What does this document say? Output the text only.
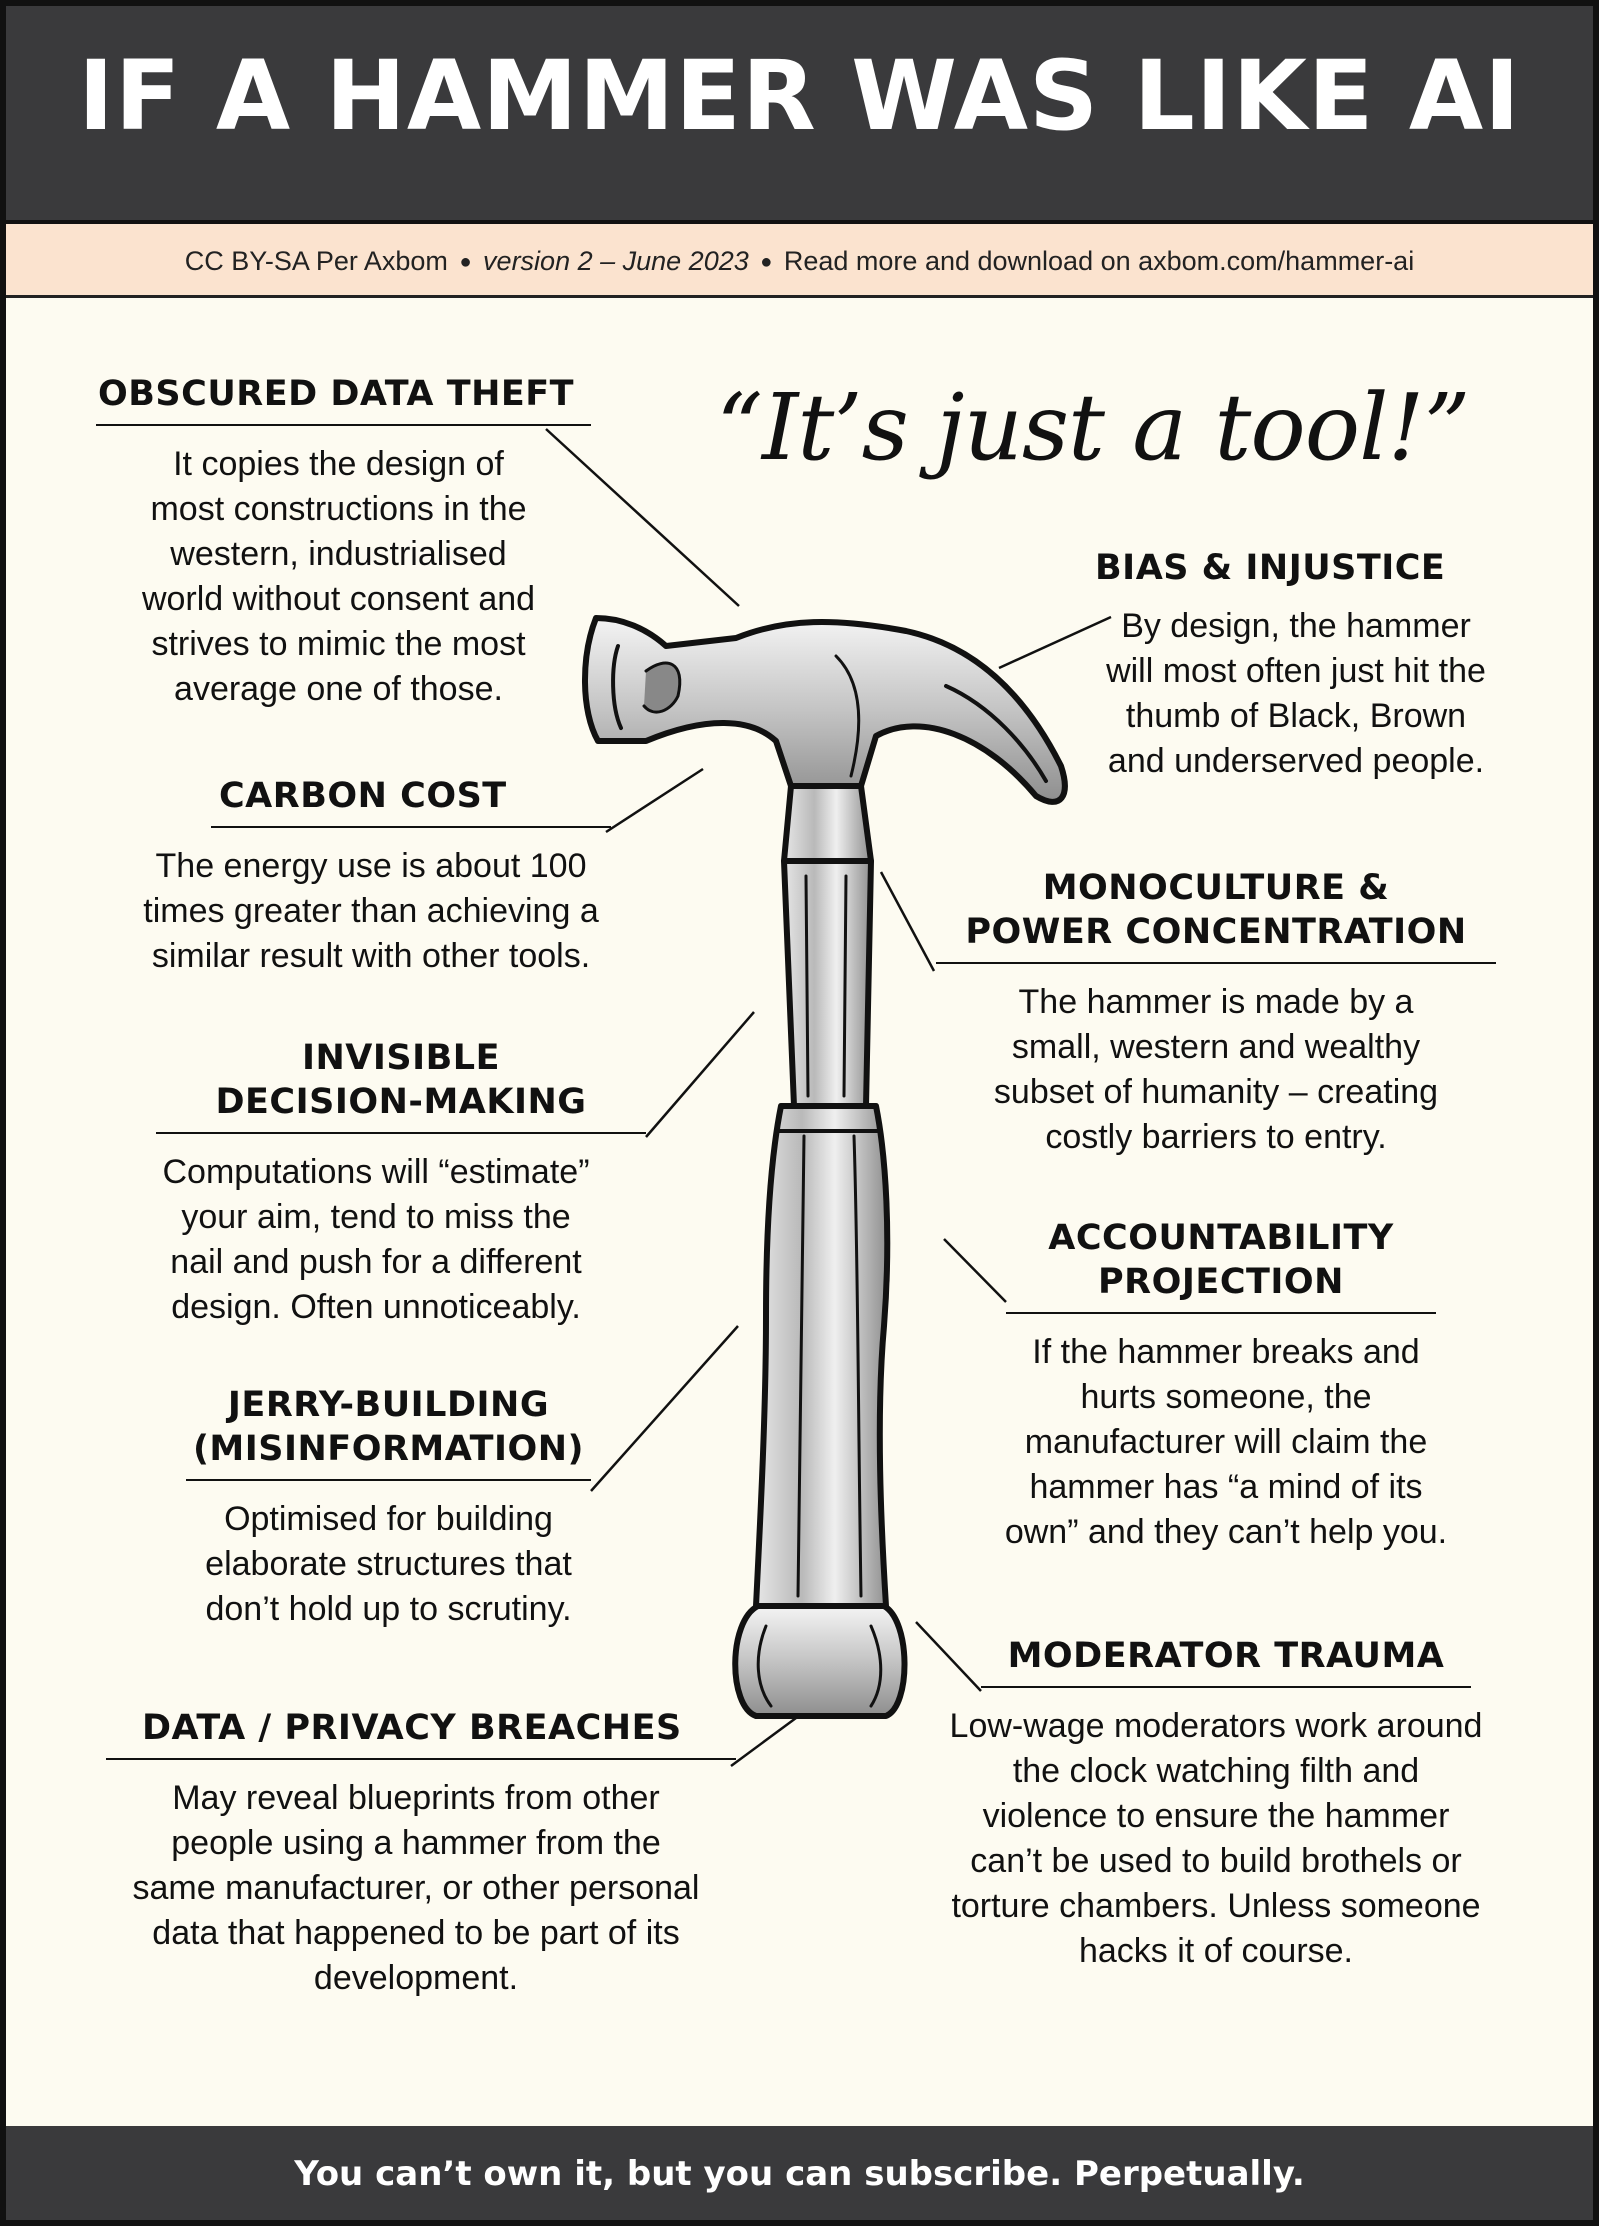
IF A HAMMER WAS LIKE AI
CC BY-SA Per Axbom ● version 2 – June 2023 ● Read more and download on axbom.com/hammer-ai
“It’s just a tool!”
OBSCURED DATA THEFT

It copies the design of
most constructions in the
western, industrialised
world without consent and
strives to mimic the most
average one of those.

CARBON COST

The energy use is about 100
times greater than achieving a
similar result with other tools.

INVISIBLE
DECISION-MAKING

Computations will “estimate”
your aim, tend to miss the
nail and push for a different
design. Often unnoticeably.

JERRY-BUILDING
(MISINFORMATION)

Optimised for building
elaborate structures that
don’t hold up to scrutiny.

DATA / PRIVACY BREACHES

May reveal blueprints from other
people using a hammer from the
same manufacturer, or other personal
data that happened to be part of its
development.

BIAS & INJUSTICE

By design, the hammer
will most often just hit the
thumb of Black, Brown
and underserved people.

MONOCULTURE &
POWER CONCENTRATION

The hammer is made by a
small, western and wealthy
subset of humanity – creating
costly barriers to entry.

ACCOUNTABILITY
PROJECTION

If the hammer breaks and
hurts someone, the
manufacturer will claim the
hammer has “a mind of its
own” and they can’t help you.

MODERATOR TRAUMA

Low-wage moderators work around
the clock watching filth and
violence to ensure the hammer
can’t be used to build brothels or
torture chambers. Unless someone
hacks it of course.

You can’t own it, but you can subscribe. Perpetually.
